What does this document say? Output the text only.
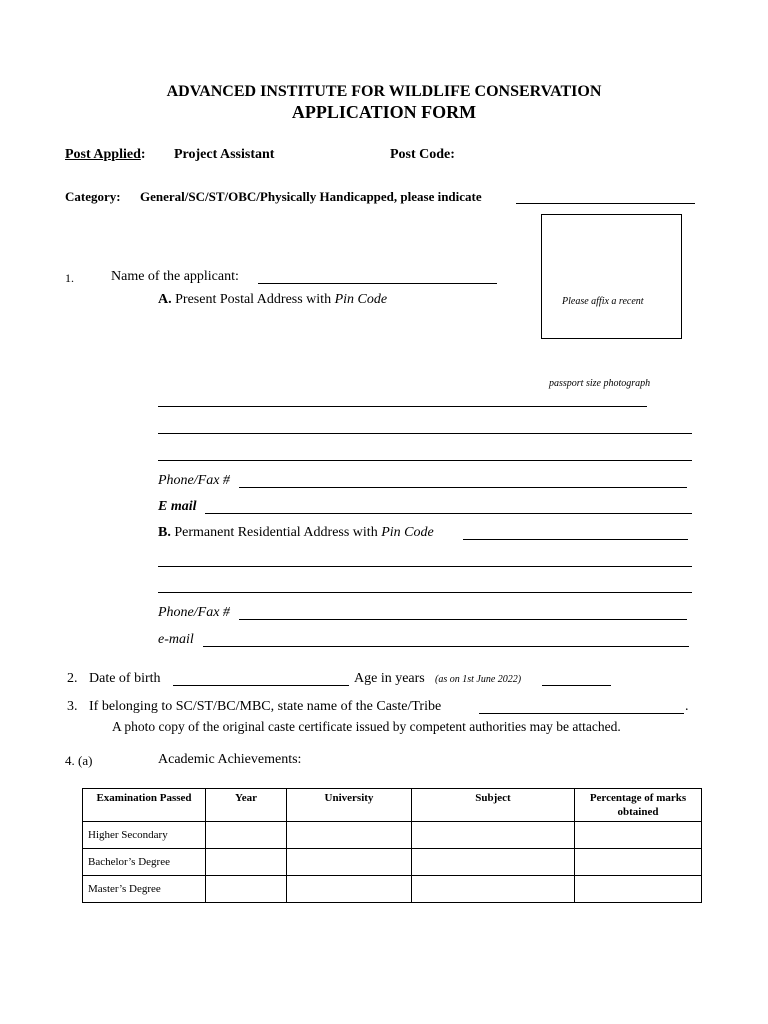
ADVANCED INSTITUTE FOR WILDLIFE CONSERVATION
APPLICATION FORM
Post Applied: Project Assistant	Post Code:
Category: General/SC/ST/OBC/Physically Handicapped, please indicate
Please affix a recent
passport size photograph
1.	Name of the applicant:
A. Present Postal Address with Pin Code
Phone/Fax #
E mail
B. Permanent Residential Address with Pin Code
Phone/Fax #
e-mail
2. Date of birth	Age in years (as on 1st June 2022)
3. If belonging to SC/ST/BC/MBC, state name of the Caste/Tribe	.
A photo copy of the original caste certificate issued by competent authorities may be attached.
4. (a)	Academic Achievements:
Examination Passed	Year	University	Subject	Percentage of marks obtained
Higher Secondary				
Bachelor’s Degree				
Master’s Degree				
